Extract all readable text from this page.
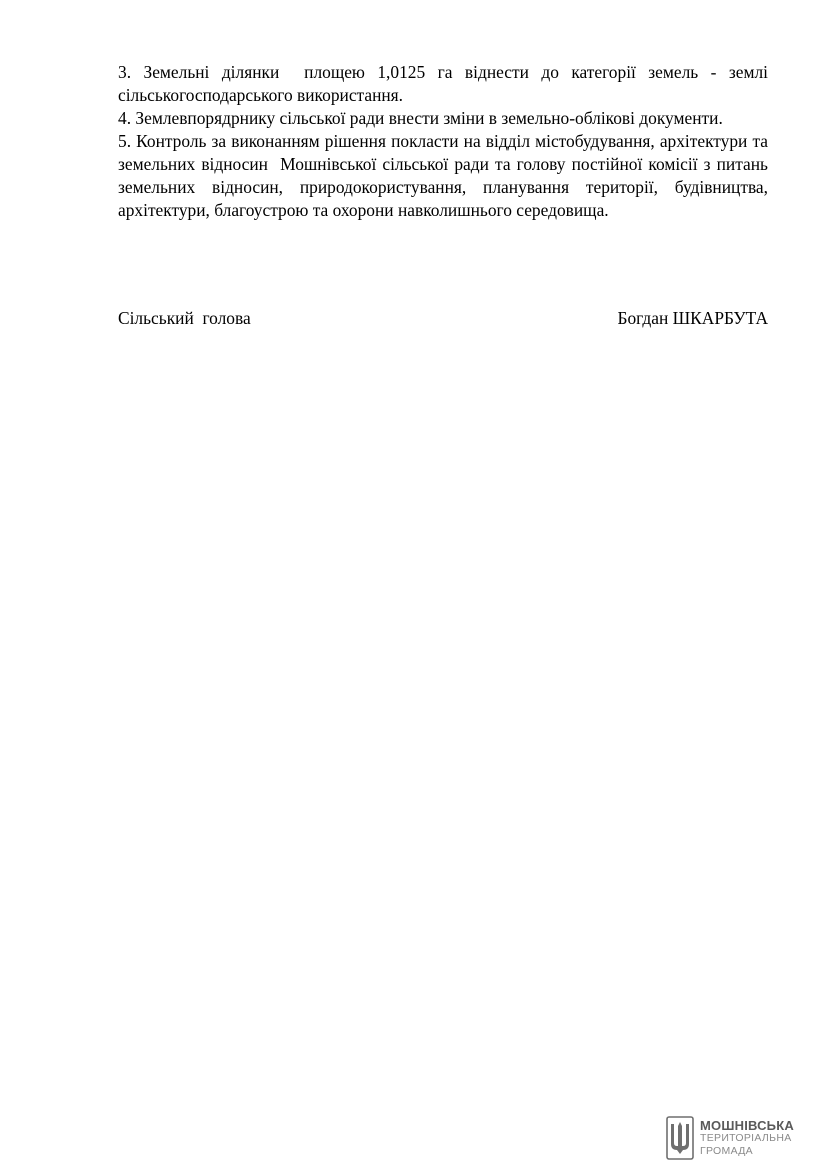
3. Земельні ділянки  площею 1,0125 га віднести до категорії земель - землі сільськогосподарського використання.

4. Землевпорядрнику сільської ради внести зміни в земельно-облікові документи.

5. Контроль за виконанням рішення покласти на відділ містобудування, архітектури та земельних відносин  Мошнівської сільської ради та голову постійної комісії з питань земельних відносин, природокористування, планування території, будівництва, архітектури, благоустрою та охорони навколишнього середовища.

Сільський  голова	Богдан ШКАРБУТА
МОШНІВСЬКА
ТЕРИТОРІАЛЬНА
ГРОМАДА
